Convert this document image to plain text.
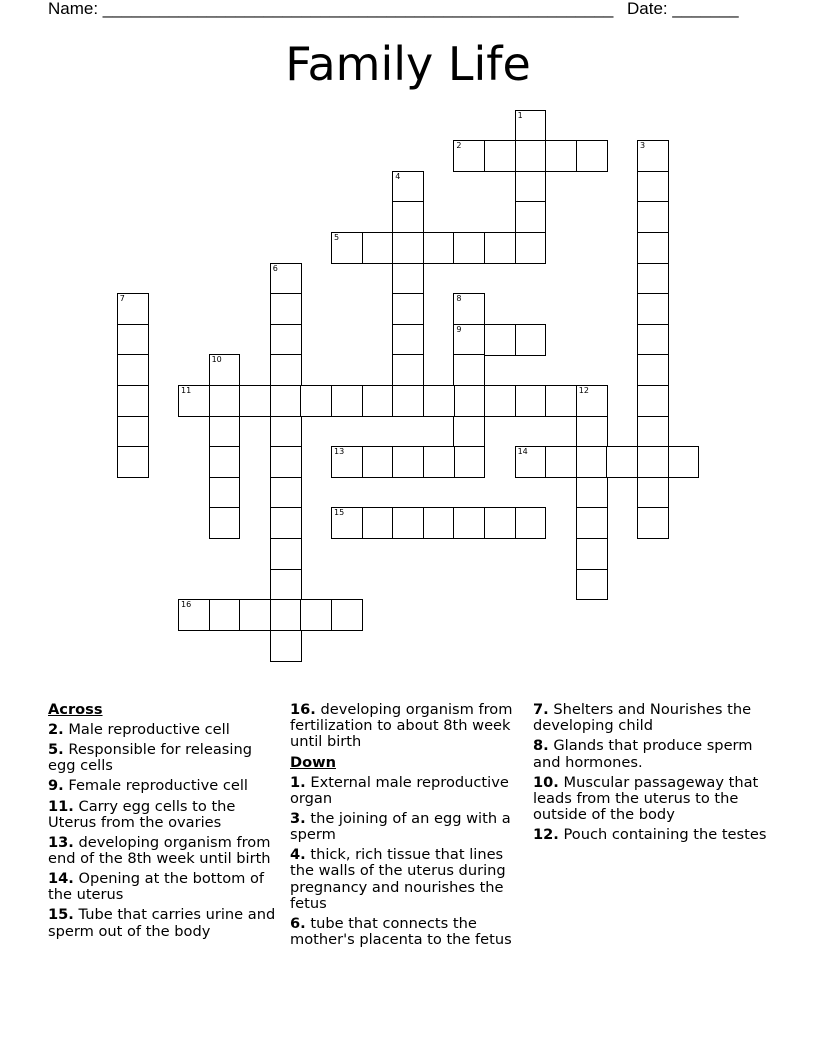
Name: ______________________________________________________ Date: _______
Family Life
1
2	3
4
5
6
7	8
9
10
11	12
13	14
15
16
Across
2. Male reproductive cell
5. Responsible for releasing egg cells
9. Female reproductive cell
11. Carry egg cells to the Uterus from the ovaries
13. developing organism from end of the 8th week until birth
14. Opening at the bottom of the uterus
15. Tube that carries urine and sperm out of the body
16. developing organism from fertilization to about 8th week until birth
Down
1. External male reproductive organ
3. the joining of an egg with a sperm
4. thick, rich tissue that lines the walls of the uterus during pregnancy and nourishes the fetus
6. tube that connects the mother's placenta to the fetus
7. Shelters and Nourishes the developing child
8. Glands that produce sperm and hormones.
10. Muscular passageway that leads from the uterus to the outside of the body
12. Pouch containing the testes
